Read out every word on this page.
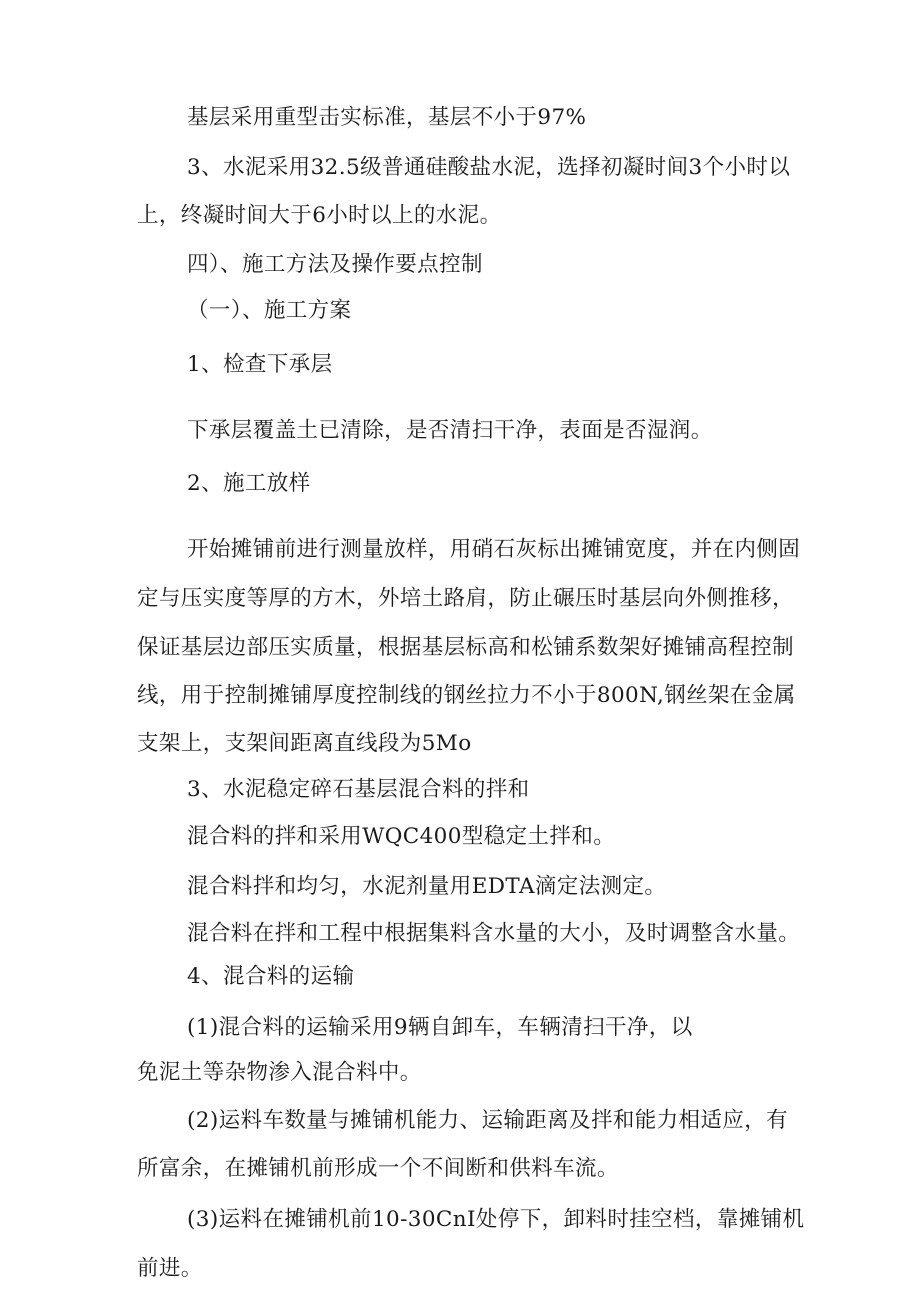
基层采用重型击实标准，基层不小于97%
3、水泥采用32.5级普通硅酸盐水泥，选择初凝时间3个小时以
上，终凝时间大于6小时以上的水泥。
四）、施工方法及操作要点控制
（一）、施工方案
1、检查下承层
下承层覆盖土已清除，是否清扫干净，表面是否湿润。
2、施工放样
开始摊铺前进行测量放样，用硝石灰标出摊铺宽度，并在内侧固
定与压实度等厚的方木，外培土路肩，防止碾压时基层向外侧推移，
保证基层边部压实质量，根据基层标高和松铺系数架好摊铺高程控制
线，用于控制摊铺厚度控制线的钢丝拉力不小于800N,钢丝架在金属
支架上，支架间距离直线段为5Mo
3、水泥稳定碎石基层混合料的拌和
混合料的拌和采用WQC400型稳定土拌和。
混合料拌和均匀，水泥剂量用EDTA滴定法测定。
混合料在拌和工程中根据集料含水量的大小，及时调整含水量。
4、混合料的运输
(1)混合料的运输采用9辆自卸车，车辆清扫干净，以
免泥土等杂物渗入混合料中。
(2)运料车数量与摊铺机能力、运输距离及拌和能力相适应，有
所富余，在摊铺机前形成一个不间断和供料车流。
(3)运料在摊铺机前10-30CnI处停下，卸料时挂空档，靠摊铺机
前进。
